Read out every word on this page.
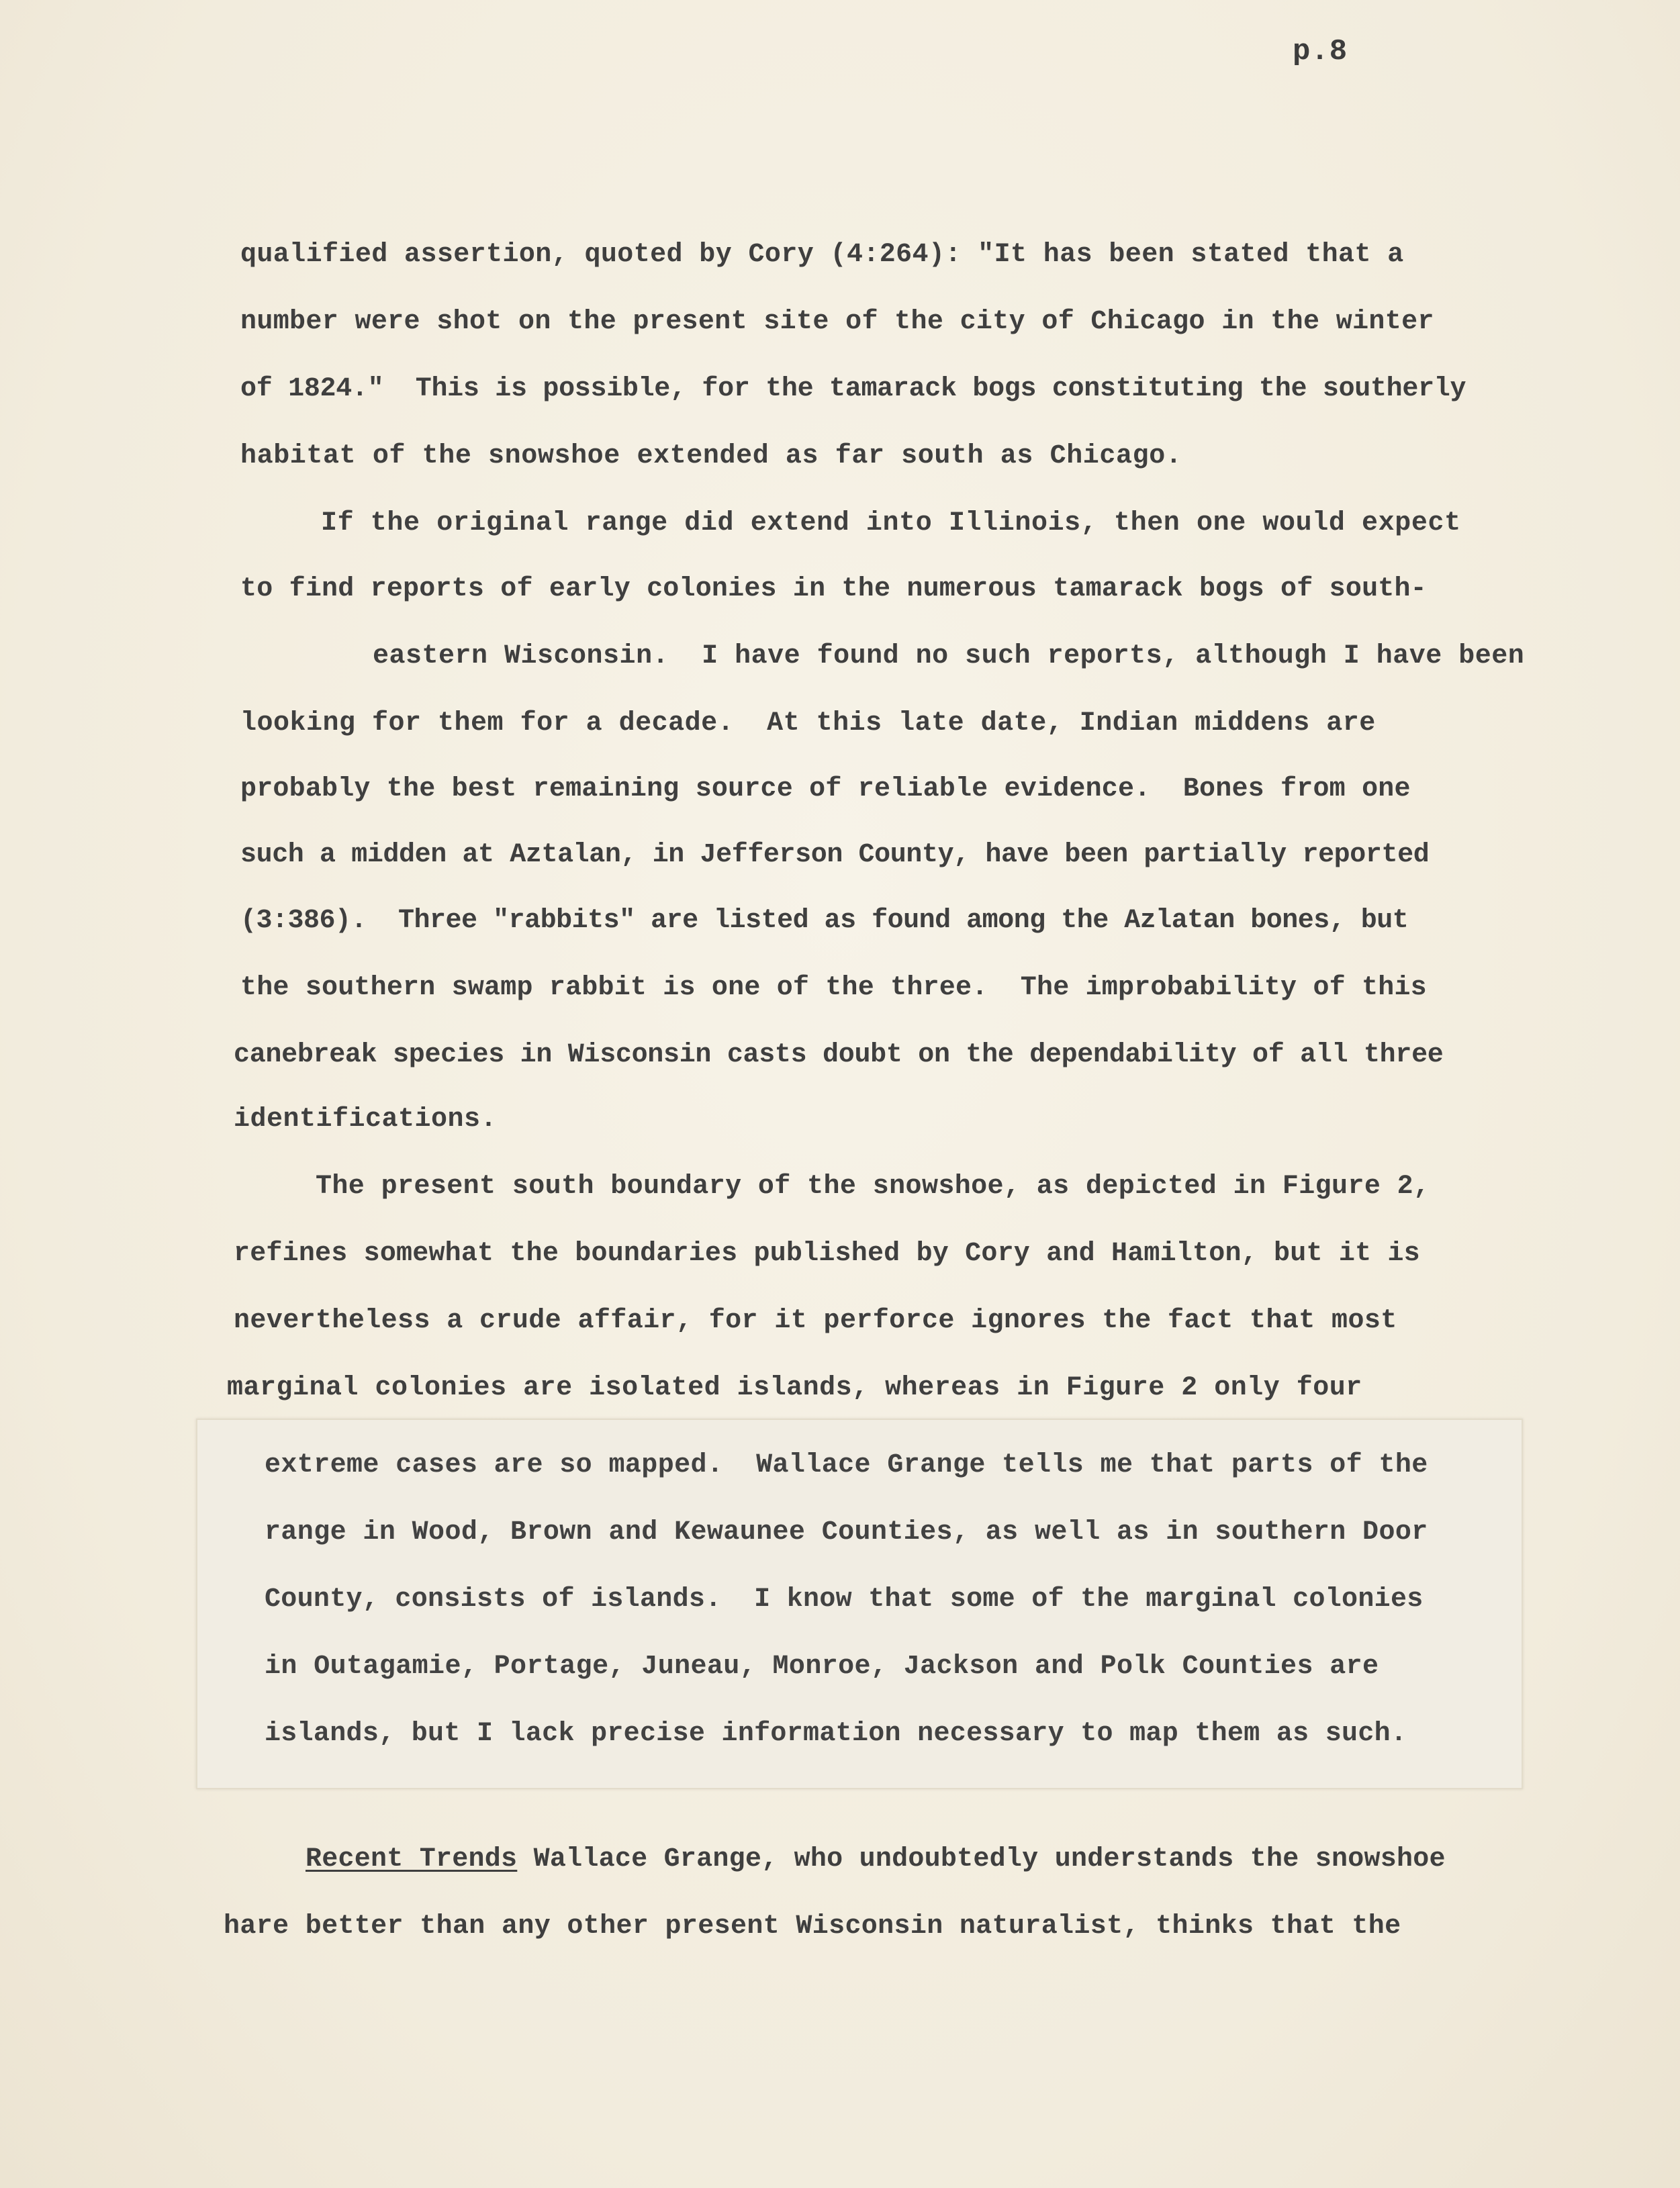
p.8
qualified assertion, quoted by Cory (4:264): "It has been stated that a
number were shot on the present site of the city of Chicago in the winter
of 1824."  This is possible, for the tamarack bogs constituting the southerly
habitat of the snowshoe extended as far south as Chicago.
If the original range did extend into Illinois, then one would expect
to find reports of early colonies in the numerous tamarack bogs of south-
eastern Wisconsin.  I have found no such reports, although I have been
looking for them for a decade.  At this late date, Indian middens are
probably the best remaining source of reliable evidence.  Bones from one
such a midden at Aztalan, in Jefferson County, have been partially reported
(3:386).  Three "rabbits" are listed as found among the Azlatan bones, but
the southern swamp rabbit is one of the three.  The improbability of this
canebreak species in Wisconsin casts doubt on the dependability of all three
identifications.
The present south boundary of the snowshoe, as depicted in Figure 2,
refines somewhat the boundaries published by Cory and Hamilton, but it is
nevertheless a crude affair, for it perforce ignores the fact that most
marginal colonies are isolated islands, whereas in Figure 2 only four
extreme cases are so mapped.  Wallace Grange tells me that parts of the
range in Wood, Brown and Kewaunee Counties, as well as in southern Door
County, consists of islands.  I know that some of the marginal colonies
in Outagamie, Portage, Juneau, Monroe, Jackson and Polk Counties are
islands, but I lack precise information necessary to map them as such.
Recent Trends Wallace Grange, who undoubtedly understands the snowshoe
hare better than any other present Wisconsin naturalist, thinks that the
